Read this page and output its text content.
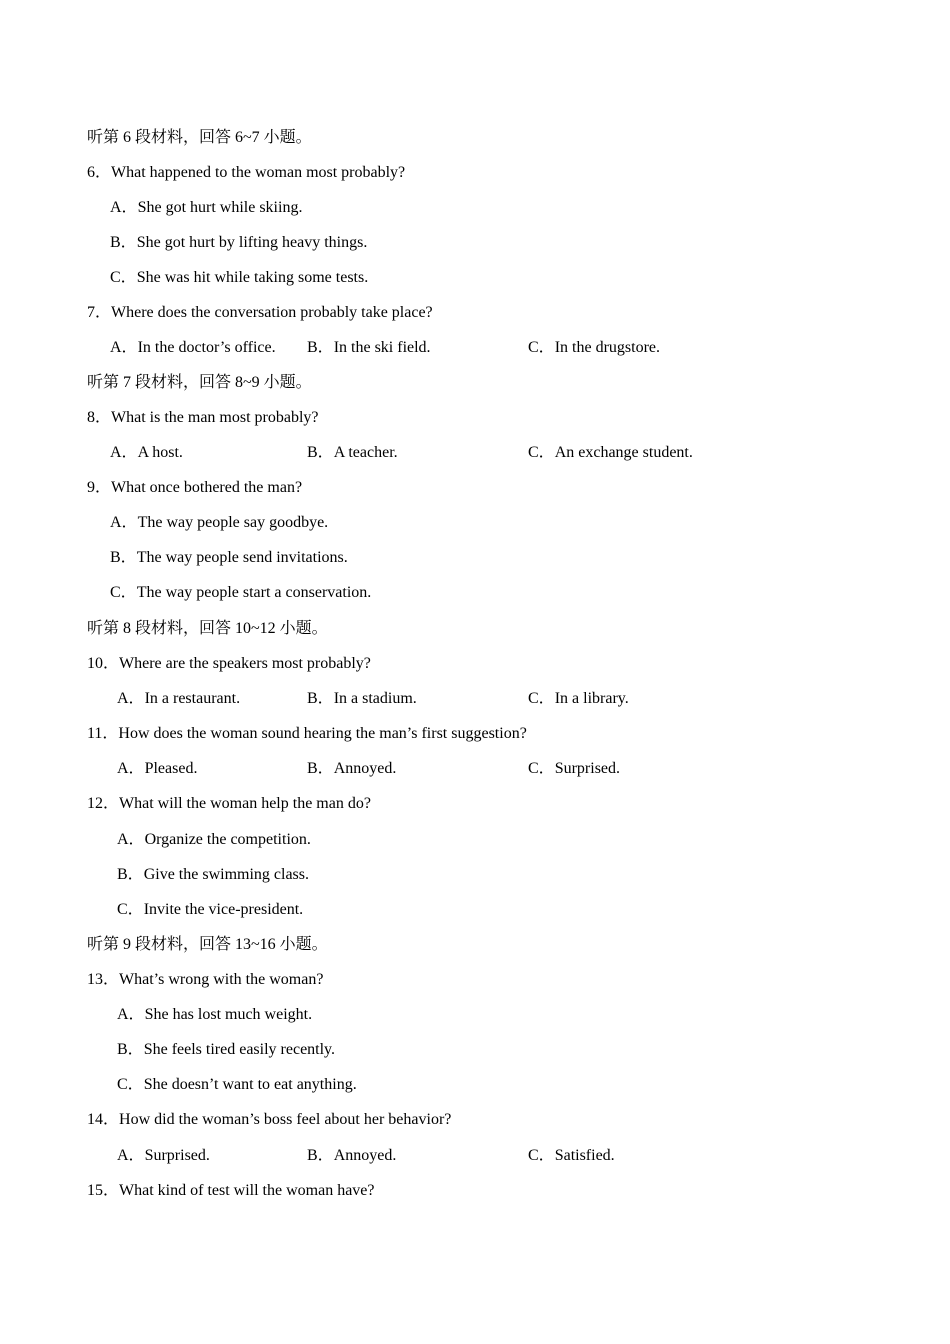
听第 6 段材料，回答 6~7 小题。
6．What happened to the woman most probably?
A．She got hurt while skiing.
B．She got hurt by lifting heavy things.
C．She was hit while taking some tests.
7．Where does the conversation probably take place?
A．In the doctor’s office. B．In the ski field.	C．In the drugstore.
听第 7 段材料，回答 8~9 小题。
8．What is the man most probably?
A．A host.	B．A teacher.	C．An exchange student.
9．What once bothered the man?
A．The way people say goodbye.
B．The way people send invitations.
C．The way people start a conservation.
听第 8 段材料，回答 10~12 小题。
10．Where are the speakers most probably?
A．In a restaurant.	B．In a stadium.	C．In a library.
11．How does the woman sound hearing the man’s first suggestion?
A．Pleased.	B．Annoyed.	C．Surprised.
12．What will the woman help the man do?
A．Organize the competition.
B．Give the swimming class.
C．Invite the vice-president.
听第 9 段材料，回答 13~16 小题。
13．What’s wrong with the woman?
A．She has lost much weight.
B．She feels tired easily recently.
C．She doesn’t want to eat anything.
14．How did the woman’s boss feel about her behavior?
A．Surprised.	B．Annoyed.	C．Satisfied.
15．What kind of test will the woman have?
